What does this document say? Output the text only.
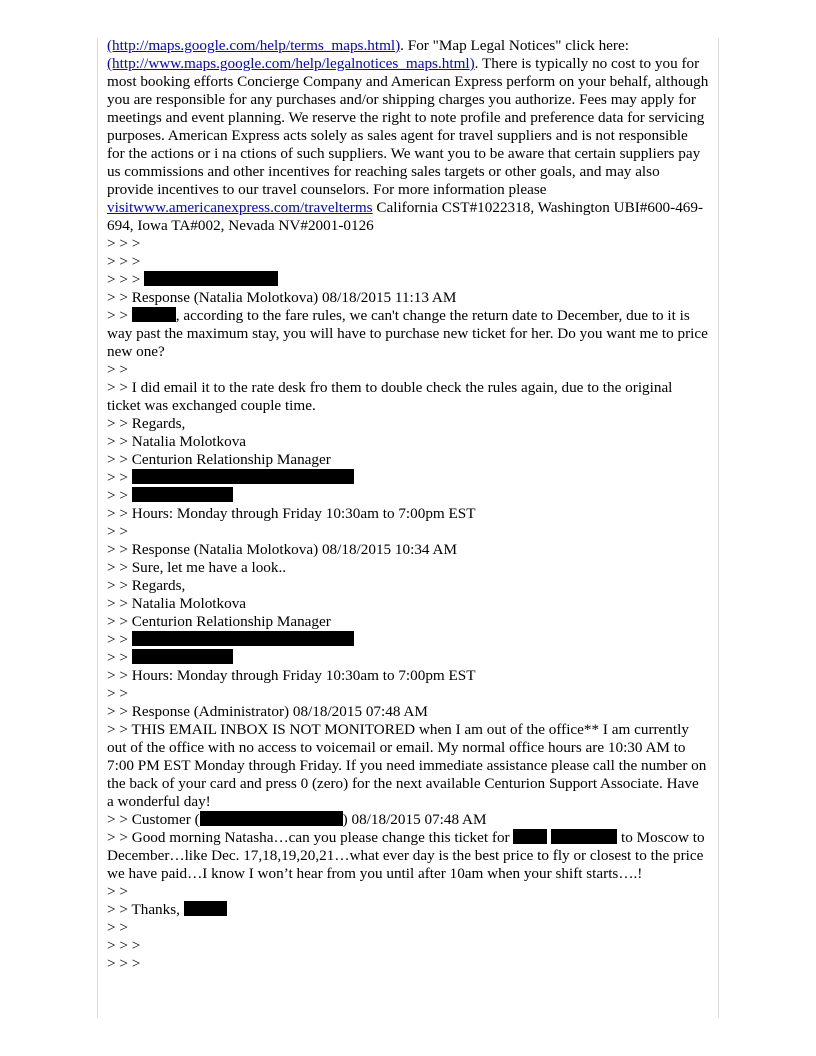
(http://maps.google.com/help/terms_maps.html). For "Map Legal Notices" click here: (http://www.maps.google.com/help/legalnotices_maps.html). There is typically no cost to you for most booking efforts Concierge Company and American Express perform on your behalf, although you are responsible for any purchases and/or shipping charges you authorize. Fees may apply for meetings and event planning. We reserve the right to note profile and preference data for servicing purposes. American Express acts solely as sales agent for travel suppliers and is not responsible for the actions or i na ctions of such suppliers. We want you to be aware that certain suppliers pay us commissions and other incentives for reaching sales targets or other goals, and may also provide incentives to our travel counselors. For more information please visitwww.americanexpress.com/travelterms California CST#1022318, Washington UBI#600-469-694, Iowa TA#002, Nevada NV#2001-0126
> > >
> > >
> > >
> > Response (Natalia Molotkova) 08/18/2015 11:13 AM
> >	, according to the fare rules, we can't change the return date to December, due to it is way past the maximum stay, you will have to purchase new ticket for her. Do you want me to price new one?
> >
> > I did email it to the rate desk fro them to double check the rules again, due to the original ticket was exchanged couple time.
> > Regards,
> > Natalia Molotkova
> > Centurion Relationship Manager
> >
> >
> > Hours: Monday through Friday 10:30am to 7:00pm EST
> >
> > Response (Natalia Molotkova) 08/18/2015 10:34 AM
> > Sure, let me have a look..
> > Regards,
> > Natalia Molotkova
> > Centurion Relationship Manager
> >
> >
> > Hours: Monday through Friday 10:30am to 7:00pm EST
> >
> > Response (Administrator) 08/18/2015 07:48 AM
> > THIS EMAIL INBOX IS NOT MONITORED when I am out of the office** I am currently out of the office with no access to voicemail or email. My normal office hours are 10:30 AM to 7:00 PM EST Monday through Friday. If you need immediate assistance please call the number on the back of your card and press 0 (zero) for the next available Centurion Support Associate. Have a wonderful day!
> > Customer (	) 08/18/2015 07:48 AM
> > Good morning Natasha…can you please change this ticket for	to Moscow to December…like Dec. 17,18,19,20,21…what ever day is the best price to fly or closest to the price we have paid…I know I won’t hear from you until after 10am when your shift starts….!
> >
> > Thanks,
> >
> > >
> > >
